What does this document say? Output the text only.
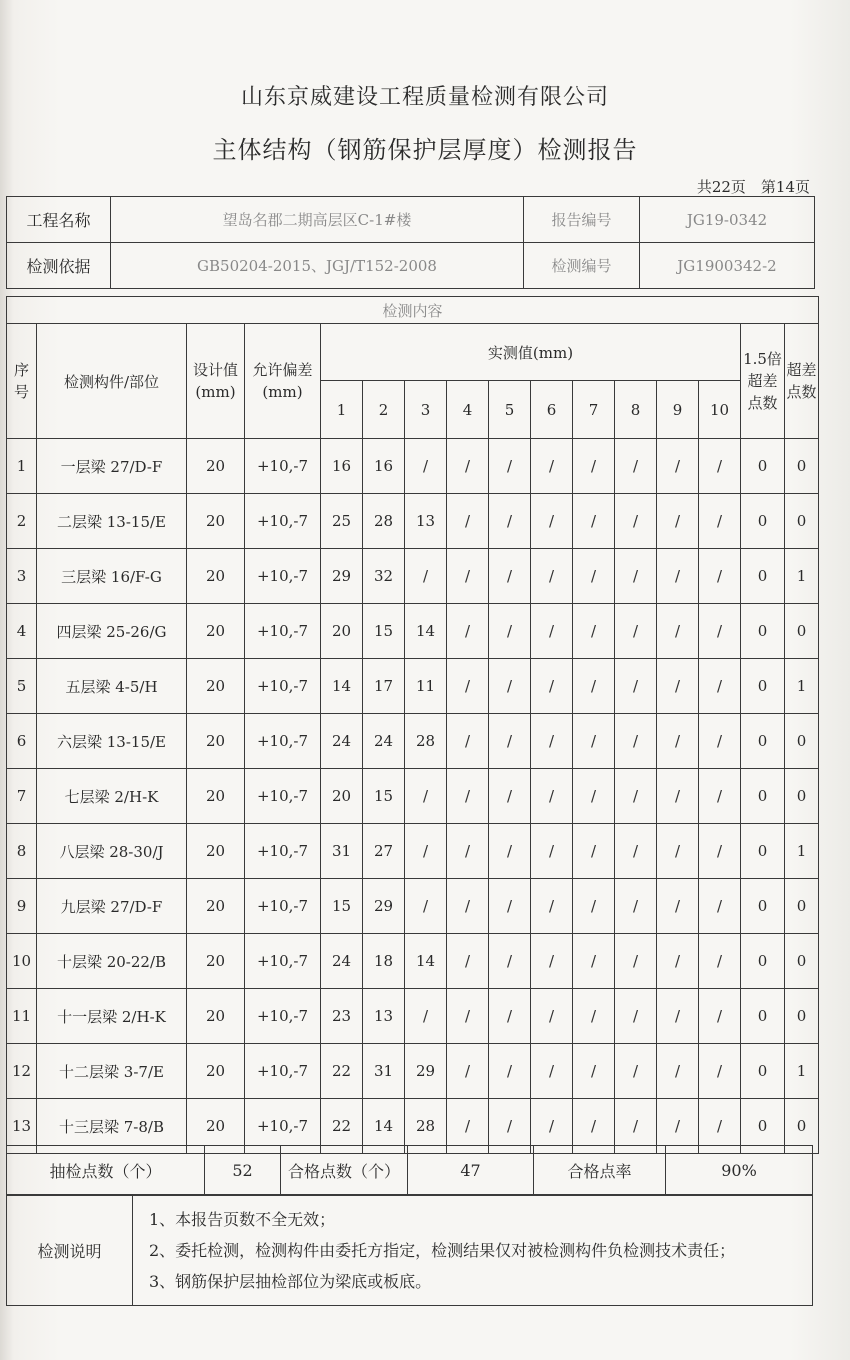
山东京威建设工程质量检测有限公司
主体结构（钢筋保护层厚度）检测报告
共22页　第14页
工程名称	望岛名郡二期高层区C-1#楼	报告编号	JG19-0342
检测依据	GB50204-2015、JGJ/T152-2008	检测编号	JG1900342-2
检测内容															
序号	检测构件/部位	设计值(mm)	允许偏差(mm)	实测值(mm)										1.5倍超差点数	超差点数
				1	2	3	4	5	6	7	8	9	10		
1	一层梁 27/D-F	20	+10,-7	16	16	/	/	/	/	/	/	/	/	0	0
2	二层梁 13-15/E	20	+10,-7	25	28	13	/	/	/	/	/	/	/	0	0
3	三层梁 16/F-G	20	+10,-7	29	32	/	/	/	/	/	/	/	/	0	1
4	四层梁 25-26/G	20	+10,-7	20	15	14	/	/	/	/	/	/	/	0	0
5	五层梁 4-5/H	20	+10,-7	14	17	11	/	/	/	/	/	/	/	0	1
6	六层梁 13-15/E	20	+10,-7	24	24	28	/	/	/	/	/	/	/	0	0
7	七层梁 2/H-K	20	+10,-7	20	15	/	/	/	/	/	/	/	/	0	0
8	八层梁 28-30/J	20	+10,-7	31	27	/	/	/	/	/	/	/	/	0	1
9	九层梁 27/D-F	20	+10,-7	15	29	/	/	/	/	/	/	/	/	0	0
10	十层梁 20-22/B	20	+10,-7	24	18	14	/	/	/	/	/	/	/	0	0
11	十一层梁 2/H-K	20	+10,-7	23	13	/	/	/	/	/	/	/	/	0	0
12	十二层梁 3-7/E	20	+10,-7	22	31	29	/	/	/	/	/	/	/	0	1
13	十三层梁 7-8/B	20	+10,-7	22	14	28	/	/	/	/	/	/	/	0	0
抽检点数（个）	52	合格点数（个）	47	合格点率	90%
检测说明	
1、本报告页数不全无效；
2、委托检测，检测构件由委托方指定，检测结果仅对被检测构件负检测技术责任；
3、钢筋保护层抽检部位为梁底或板底。
